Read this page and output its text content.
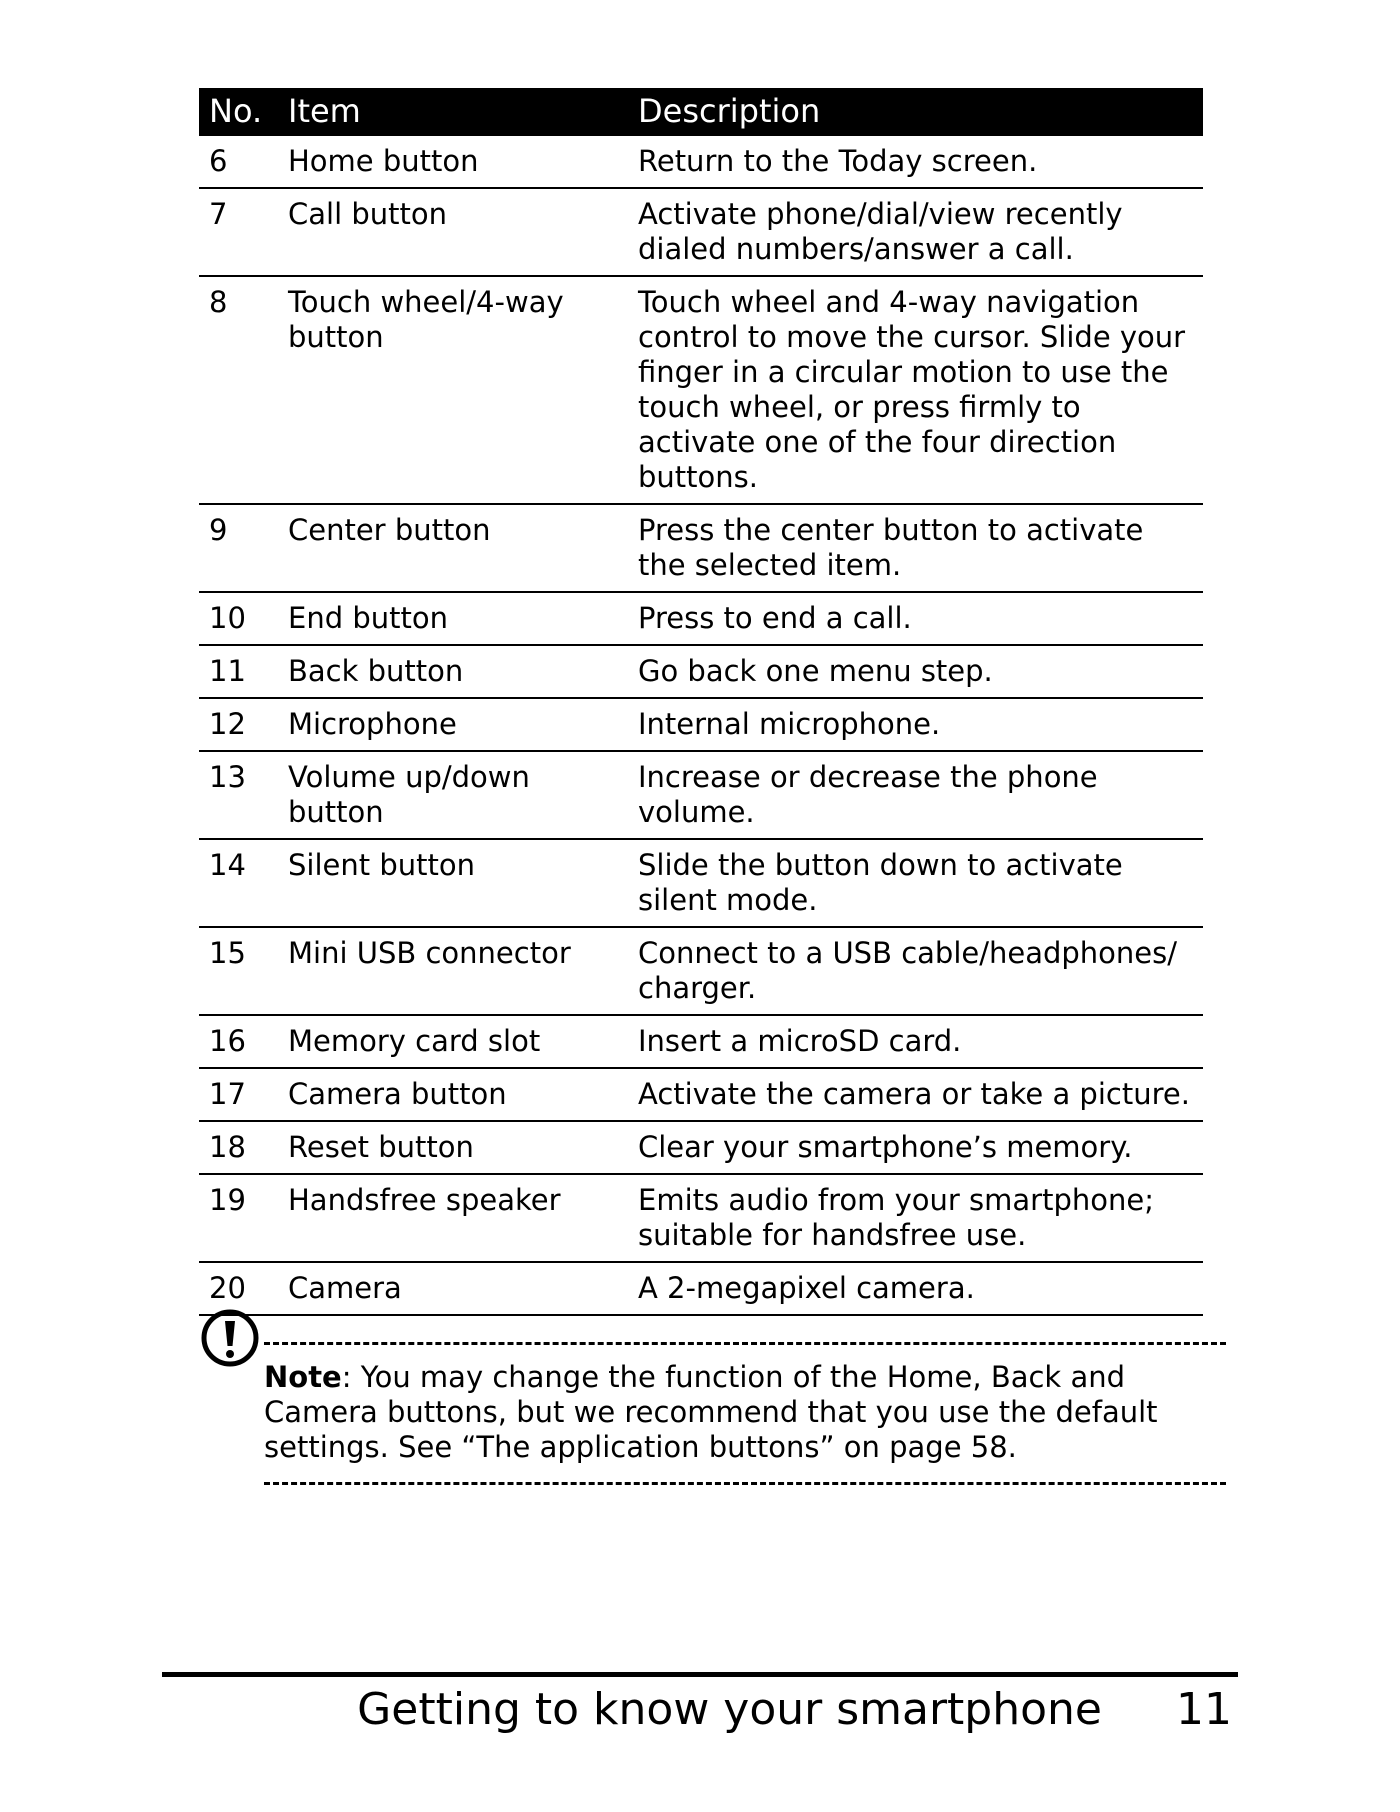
No.	Item	Description
6	Home button	Return to the Today screen.
7	Call button	Activate phone/dial/view recently dialed numbers/answer a call.
8	Touch wheel/4-way button	Touch wheel and 4-way navigation control to move the cursor. Slide your finger in a circular motion to use the touch wheel, or press firmly to activate one of the four direction buttons.
9	Center button	Press the center button to activate the selected item.
10	End button	Press to end a call.
11	Back button	Go back one menu step.
12	Microphone	Internal microphone.
13	Volume up/down button	Increase or decrease the phone volume.
14	Silent button	Slide the button down to activate silent mode.
15	Mini USB connector	Connect to a USB cable/headphones/ charger.
16	Memory card slot	Insert a microSD card.
17	Camera button	Activate the camera or take a picture.
18	Reset button	Clear your smartphone’s memory.
19	Handsfree speaker	Emits audio from your smartphone; suitable for handsfree use.
20	Camera	A 2-megapixel camera.
Note: You may change the function of the Home, Back and Camera buttons, but we recommend that you use the default settings. See “The application buttons” on page 58.
Getting to know your smartphone 11
